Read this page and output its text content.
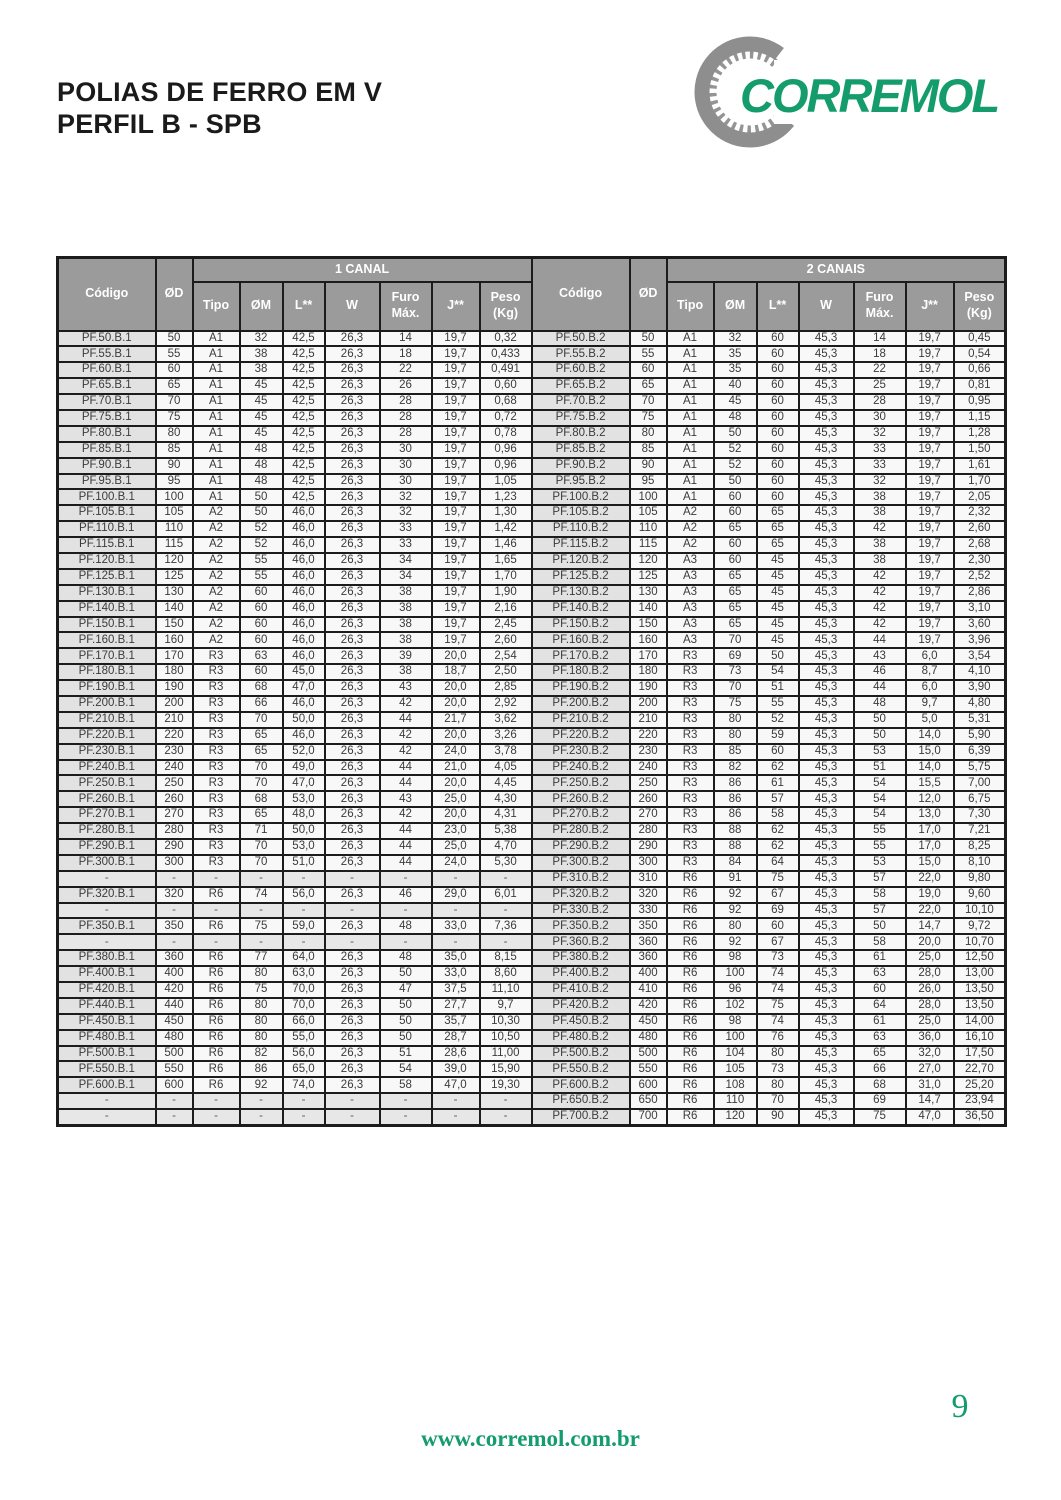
POLIAS DE FERRO EM V
PERFIL B - SPB
CORREMOL
Código	ØD	1 CANAL							Código	ØD	2 CANAIS						
		Tipo	ØM	L**	W	Furo Máx.	J**	Peso (Kg)			Tipo	ØM	L**	W	Furo Máx.	J**	Peso (Kg)
PF.50.B.1	50	A1	32	42,5	26,3	14	19,7	0,32	PF.50.B.2	50	A1	32	60	45,3	14	19,7	0,45
PF.55.B.1	55	A1	38	42,5	26,3	18	19,7	0,433	PF.55.B.2	55	A1	35	60	45,3	18	19,7	0,54
PF.60.B.1	60	A1	38	42,5	26,3	22	19,7	0,491	PF.60.B.2	60	A1	35	60	45,3	22	19,7	0,66
PF.65.B.1	65	A1	45	42,5	26,3	26	19,7	0,60	PF.65.B.2	65	A1	40	60	45,3	25	19,7	0,81
PF.70.B.1	70	A1	45	42,5	26,3	28	19,7	0,68	PF.70.B.2	70	A1	45	60	45,3	28	19,7	0,95
PF.75.B.1	75	A1	45	42,5	26,3	28	19,7	0,72	PF.75.B.2	75	A1	48	60	45,3	30	19,7	1,15
PF.80.B.1	80	A1	45	42,5	26,3	28	19,7	0,78	PF.80.B.2	80	A1	50	60	45,3	32	19,7	1,28
PF.85.B.1	85	A1	48	42,5	26,3	30	19,7	0,96	PF.85.B.2	85	A1	52	60	45,3	33	19,7	1,50
PF.90.B.1	90	A1	48	42,5	26,3	30	19,7	0,96	PF.90.B.2	90	A1	52	60	45,3	33	19,7	1,61
PF.95.B.1	95	A1	48	42,5	26,3	30	19,7	1,05	PF.95.B.2	95	A1	50	60	45,3	32	19,7	1,70
PF.100.B.1	100	A1	50	42,5	26,3	32	19,7	1,23	PF.100.B.2	100	A1	60	60	45,3	38	19,7	2,05
PF.105.B.1	105	A2	50	46,0	26,3	32	19,7	1,30	PF.105.B.2	105	A2	60	65	45,3	38	19,7	2,32
PF.110.B.1	110	A2	52	46,0	26,3	33	19,7	1,42	PF.110.B.2	110	A2	65	65	45,3	42	19,7	2,60
PF.115.B.1	115	A2	52	46,0	26,3	33	19,7	1,46	PF.115.B.2	115	A2	60	65	45,3	38	19,7	2,68
PF.120.B.1	120	A2	55	46,0	26,3	34	19,7	1,65	PF.120.B.2	120	A3	60	45	45,3	38	19,7	2,30
PF.125.B.1	125	A2	55	46,0	26,3	34	19,7	1,70	PF.125.B.2	125	A3	65	45	45,3	42	19,7	2,52
PF.130.B.1	130	A2	60	46,0	26,3	38	19,7	1,90	PF.130.B.2	130	A3	65	45	45,3	42	19,7	2,86
PF.140.B.1	140	A2	60	46,0	26,3	38	19,7	2,16	PF.140.B.2	140	A3	65	45	45,3	42	19,7	3,10
PF.150.B.1	150	A2	60	46,0	26,3	38	19,7	2,45	PF.150.B.2	150	A3	65	45	45,3	42	19,7	3,60
PF.160.B.1	160	A2	60	46,0	26,3	38	19,7	2,60	PF.160.B.2	160	A3	70	45	45,3	44	19,7	3,96
PF.170.B.1	170	R3	63	46,0	26,3	39	20,0	2,54	PF.170.B.2	170	R3	69	50	45,3	43	6,0	3,54
PF.180.B.1	180	R3	60	45,0	26,3	38	18,7	2,50	PF.180.B.2	180	R3	73	54	45,3	46	8,7	4,10
PF.190.B.1	190	R3	68	47,0	26,3	43	20,0	2,85	PF.190.B.2	190	R3	70	51	45,3	44	6,0	3,90
PF.200.B.1	200	R3	66	46,0	26,3	42	20,0	2,92	PF.200.B.2	200	R3	75	55	45,3	48	9,7	4,80
PF.210.B.1	210	R3	70	50,0	26,3	44	21,7	3,62	PF.210.B.2	210	R3	80	52	45,3	50	5,0	5,31
PF.220.B.1	220	R3	65	46,0	26,3	42	20,0	3,26	PF.220.B.2	220	R3	80	59	45,3	50	14,0	5,90
PF.230.B.1	230	R3	65	52,0	26,3	42	24,0	3,78	PF.230.B.2	230	R3	85	60	45,3	53	15,0	6,39
PF.240.B.1	240	R3	70	49,0	26,3	44	21,0	4,05	PF.240.B.2	240	R3	82	62	45,3	51	14,0	5,75
PF.250.B.1	250	R3	70	47,0	26,3	44	20,0	4,45	PF.250.B.2	250	R3	86	61	45,3	54	15,5	7,00
PF.260.B.1	260	R3	68	53,0	26,3	43	25,0	4,30	PF.260.B.2	260	R3	86	57	45,3	54	12,0	6,75
PF.270.B.1	270	R3	65	48,0	26,3	42	20,0	4,31	PF.270.B.2	270	R3	86	58	45,3	54	13,0	7,30
PF.280.B.1	280	R3	71	50,0	26,3	44	23,0	5,38	PF.280.B.2	280	R3	88	62	45,3	55	17,0	7,21
PF.290.B.1	290	R3	70	53,0	26,3	44	25,0	4,70	PF.290.B.2	290	R3	88	62	45,3	55	17,0	8,25
PF.300.B.1	300	R3	70	51,0	26,3	44	24,0	5,30	PF.300.B.2	300	R3	84	64	45,3	53	15,0	8,10
-	-	-	-	-	-	-	-	-	PF.310.B.2	310	R6	91	75	45,3	57	22,0	9,80
PF.320.B.1	320	R6	74	56,0	26,3	46	29,0	6,01	PF.320.B.2	320	R6	92	67	45,3	58	19,0	9,60
-	-	-	-	-	-	-	-	-	PF.330.B.2	330	R6	92	69	45,3	57	22,0	10,10
PF.350.B.1	350	R6	75	59,0	26,3	48	33,0	7,36	PF.350.B.2	350	R6	80	60	45,3	50	14,7	9,72
-	-	-	-	-	-	-	-	-	PF.360.B.2	360	R6	92	67	45,3	58	20,0	10,70
PF.380.B.1	360	R6	77	64,0	26,3	48	35,0	8,15	PF.380.B.2	360	R6	98	73	45,3	61	25,0	12,50
PF.400.B.1	400	R6	80	63,0	26,3	50	33,0	8,60	PF.400.B.2	400	R6	100	74	45,3	63	28,0	13,00
PF.420.B.1	420	R6	75	70,0	26,3	47	37,5	11,10	PF.410.B.2	410	R6	96	74	45,3	60	26,0	13,50
PF.440.B.1	440	R6	80	70,0	26,3	50	27,7	9,7	PF.420.B.2	420	R6	102	75	45,3	64	28,0	13,50
PF.450.B.1	450	R6	80	66,0	26,3	50	35,7	10,30	PF.450.B.2	450	R6	98	74	45,3	61	25,0	14,00
PF.480.B.1	480	R6	80	55,0	26,3	50	28,7	10,50	PF.480.B.2	480	R6	100	76	45,3	63	36,0	16,10
PF.500.B.1	500	R6	82	56,0	26,3	51	28,6	11,00	PF.500.B.2	500	R6	104	80	45,3	65	32,0	17,50
PF.550.B.1	550	R6	86	65,0	26,3	54	39,0	15,90	PF.550.B.2	550	R6	105	73	45,3	66	27,0	22,70
PF.600.B.1	600	R6	92	74,0	26,3	58	47,0	19,30	PF.600.B.2	600	R6	108	80	45,3	68	31,0	25,20
-	-	-	-	-	-	-	-	-	PF.650.B.2	650	R6	110	70	45,3	69	14,7	23,94
-	-	-	-	-	-	-	-	-	PF.700.B.2	700	R6	120	90	45,3	75	47,0	36,50
www.corremol.com.br
9
